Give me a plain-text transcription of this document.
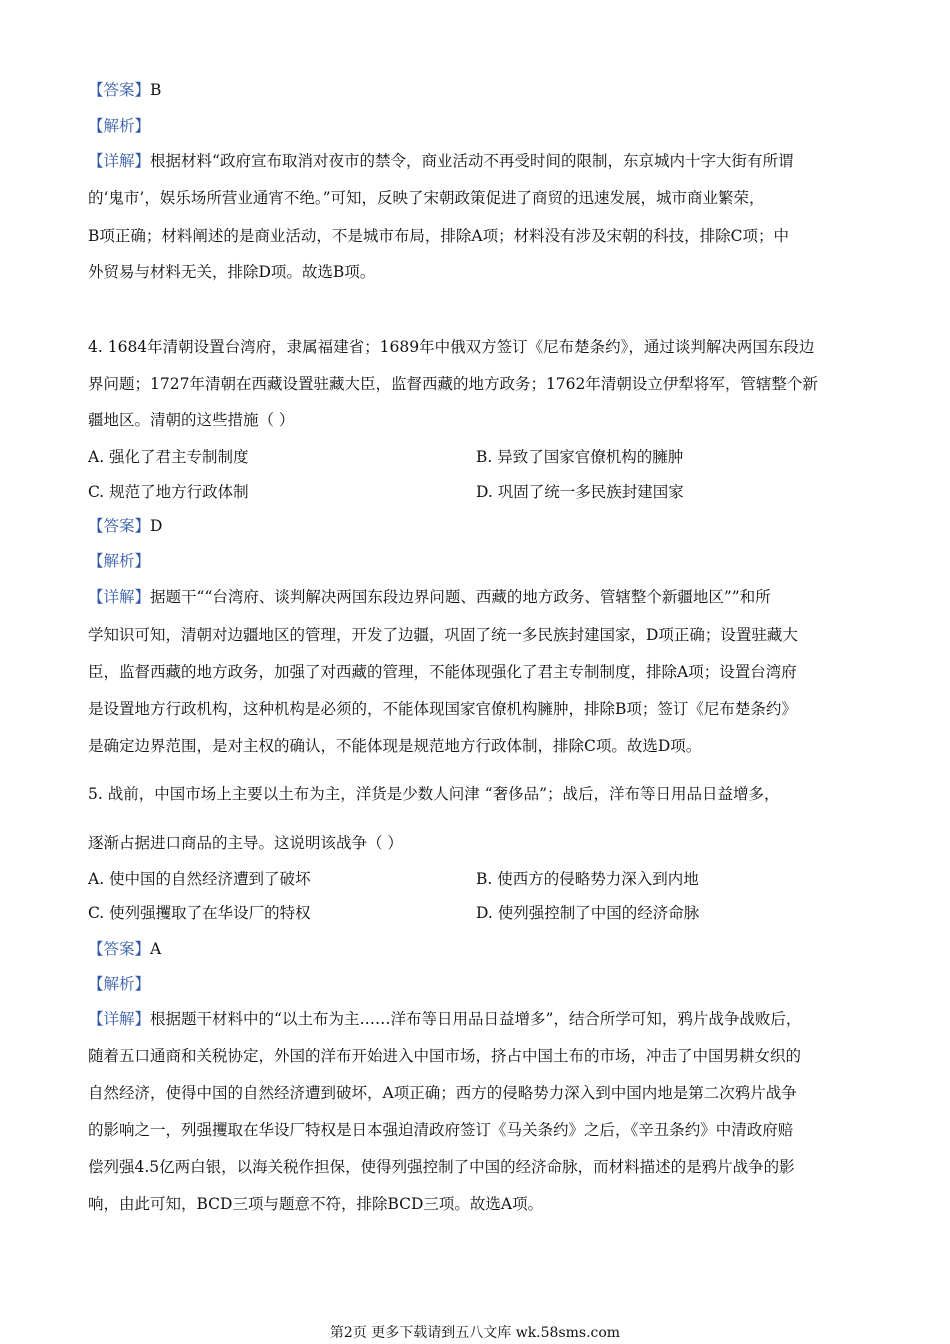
【答案】B
【解析】
【详解】根据材料“政府宣布取消对夜市的禁令，商业活动不再受时间的限制，东京城内十字大街有所谓
的‘鬼市’，娱乐场所营业通宵不绝。”可知，反映了宋朝政策促进了商贸的迅速发展，城市商业繁荣，
B项正确；材料阐述的是商业活动，不是城市布局，排除A项；材料没有涉及宋朝的科技，排除C项；中
外贸易与材料无关，排除D项。故选B项。
4. 1684年清朝设置台湾府，隶属福建省；1689年中俄双方签订《尼布楚条约》，通过谈判解决两国东段边
界问题；1727年清朝在西藏设置驻藏大臣，监督西藏的地方政务；1762年清朝设立伊犁将军，管辖整个新
疆地区。清朝的这些措施（ ）
A. 强化了君主专制制度	B. 异致了国家官僚机构的臃肿
C. 规范了地方行政体制	D. 巩固了统一多民族封建国家
【答案】D
【解析】
【详解】据题干““台湾府、谈判解决两国东段边界问题、西藏的地方政务、管辖整个新疆地区””和所
学知识可知，清朝对边疆地区的管理，开发了边疆，巩固了统一多民族封建国家，D项正确；设置驻藏大
臣，监督西藏的地方政务，加强了对西藏的管理，不能体现强化了君主专制制度，排除A项；设置台湾府
是设置地方行政机构，这种机构是必须的，不能体现国家官僚机构臃肿，排除B项；签订《尼布楚条约》
是确定边界范围，是对主权的确认，不能体现是规范地方行政体制，排除C项。故选D项。
5. 战前，中国市场上主要以土布为主，洋货是少数人问津 “奢侈品”；战后，洋布等日用品日益增多，
逐渐占据进口商品的主导。这说明该战争（ ）
A. 使中国的自然经济遭到了破坏	B. 使西方的侵略势力深入到内地
C. 使列强攫取了在华设厂的特权	D. 使列强控制了中国的经济命脉
【答案】A
【解析】
【详解】根据题干材料中的“以土布为主……洋布等日用品日益增多”，结合所学可知，鸦片战争战败后，
随着五口通商和关税协定，外国的洋布开始进入中国市场，挤占中国土布的市场，冲击了中国男耕女织的
自然经济，使得中国的自然经济遭到破坏，A项正确；西方的侵略势力深入到中国内地是第二次鸦片战争
的影响之一，列强攫取在华设厂特权是日本强迫清政府签订《马关条约》之后，《辛丑条约》中清政府赔
偿列强4.5亿两白银，以海关税作担保，使得列强控制了中国的经济命脉，而材料描述的是鸦片战争的影
响，由此可知，BCD三项与题意不符，排除BCD三项。故选A项。
第2页 更多下载请到五八文库 wk.58sms.com
